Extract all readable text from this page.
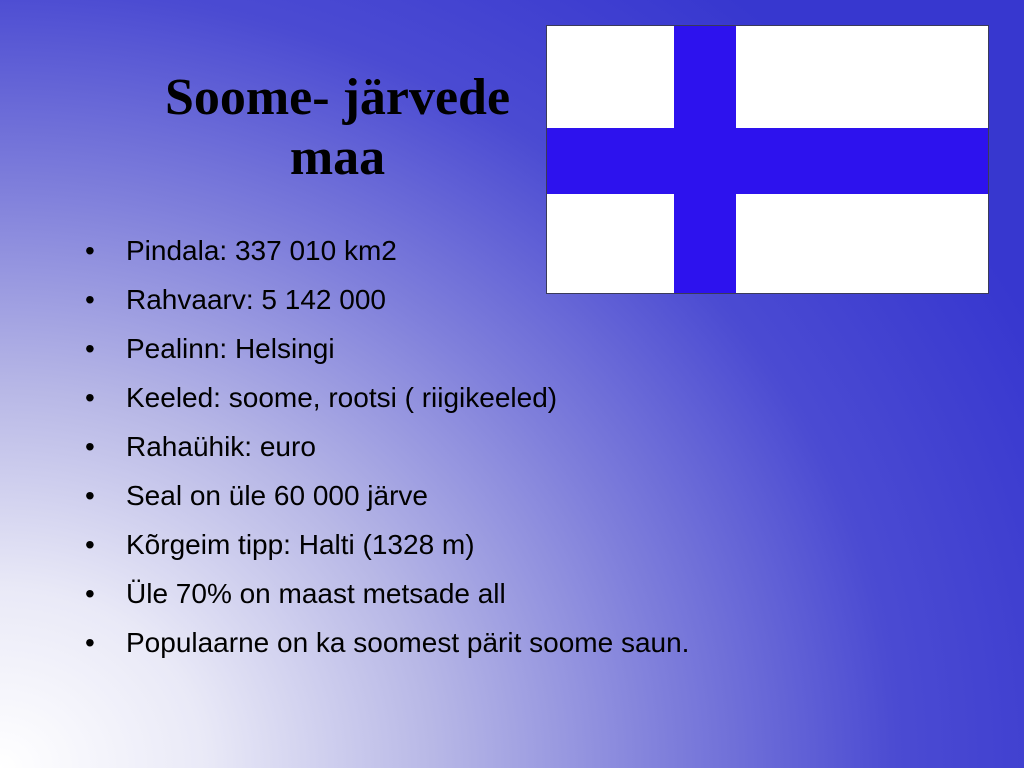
Soome- järvede
maa
• Pindala: 337 010 km2
• Rahvaarv: 5 142 000
• Pealinn: Helsingi
• Keeled: soome, rootsi ( riigikeeled)
• Rahaühik: euro
• Seal on üle 60 000 järve
• Kõrgeim tipp: Halti (1328 m)
• Üle 70% on maast metsade all
• Populaarne on ka soomest pärit soome saun.
